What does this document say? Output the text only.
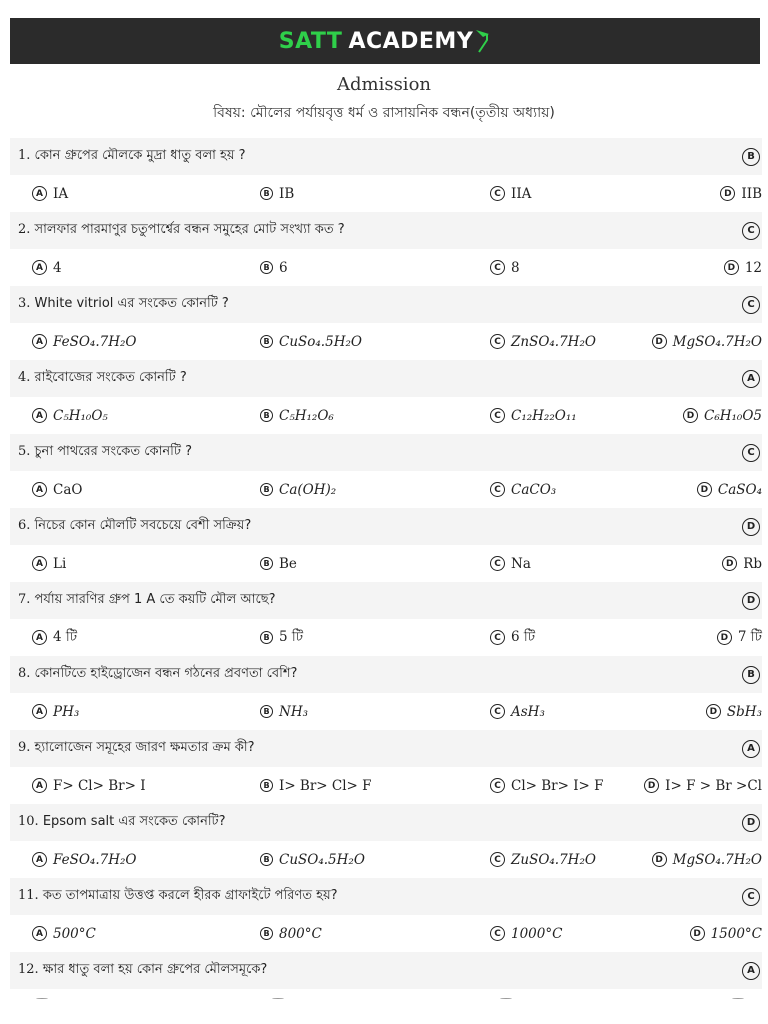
SATT ACADEMY
Admission
বিষয়: মৌলের পর্যায়বৃত্ত ধর্ম ও রাসায়নিক বন্ধন(তৃতীয় অধ্যায়)
1. কোন গ্রুপের মৌলকে মুদ্রা ধাতু বলা হয় ?	B
A IA	B IB	C IIA	D IIB
2. সালফার পারমাণুর চতুপার্শ্বের বন্ধন সমুহের মোট সংখ্যা কত ?	C
A 4	B 6	C 8	D 12
3. White vitriol এর সংকেত কোনটি ?	C
A FeSO₄.7H₂O	B CuSo₄.5H₂O	C ZnSO₄.7H₂O	D MgSO₄.7H₂O
4. রাইবোজের সংকেত কোনটি ?	A
A C₅H₁₀O₅	B C₅H₁₂O₆	C C₁₂H₂₂O₁₁	D C₆H₁₀O5
5. চুনা পাথরের সংকেত কোনটি ?	C
A CaO	B Ca(OH)₂	C CaCO₃	D CaSO₄
6. নিচের কোন মৌলটি সবচেয়ে বেশী সক্রিয়?	D
A Li	B Be	C Na	D Rb
7. পর্যায় সারণির গ্রুপ 1 A তে কয়টি মৌল আছে?	D
A 4 টি	B 5 টি	C 6 টি	D 7 টি
8. কোনটিতে হাইড্রোজেন বন্ধন গঠনের প্রবণতা বেশি?	B
A PH₃	B NH₃	C AsH₃	D SbH₃
9. হ্যালোজেন সমূহের জারণ ক্ষমতার ক্রম কী?	A
A F> Cl> Br> I	B I> Br> Cl> F	C Cl> Br> I> F	D I> F > Br >Cl
10. Epsom salt এর সংকেত কোনটি?	D
A FeSO₄.7H₂O	B CuSO₄.5H₂O	C ZuSO₄.7H₂O	D MgSO₄.7H₂O
11. কত তাপমাত্রায় উত্তপ্ত করলে হীরক গ্রাফাইটে পরিণত হয়?	C
A 500°C	B 800°C	C 1000°C	D 1500°C
12. ক্ষার ধাতু বলা হয় কোন গ্রুপের মৌলসমূকে?	A
